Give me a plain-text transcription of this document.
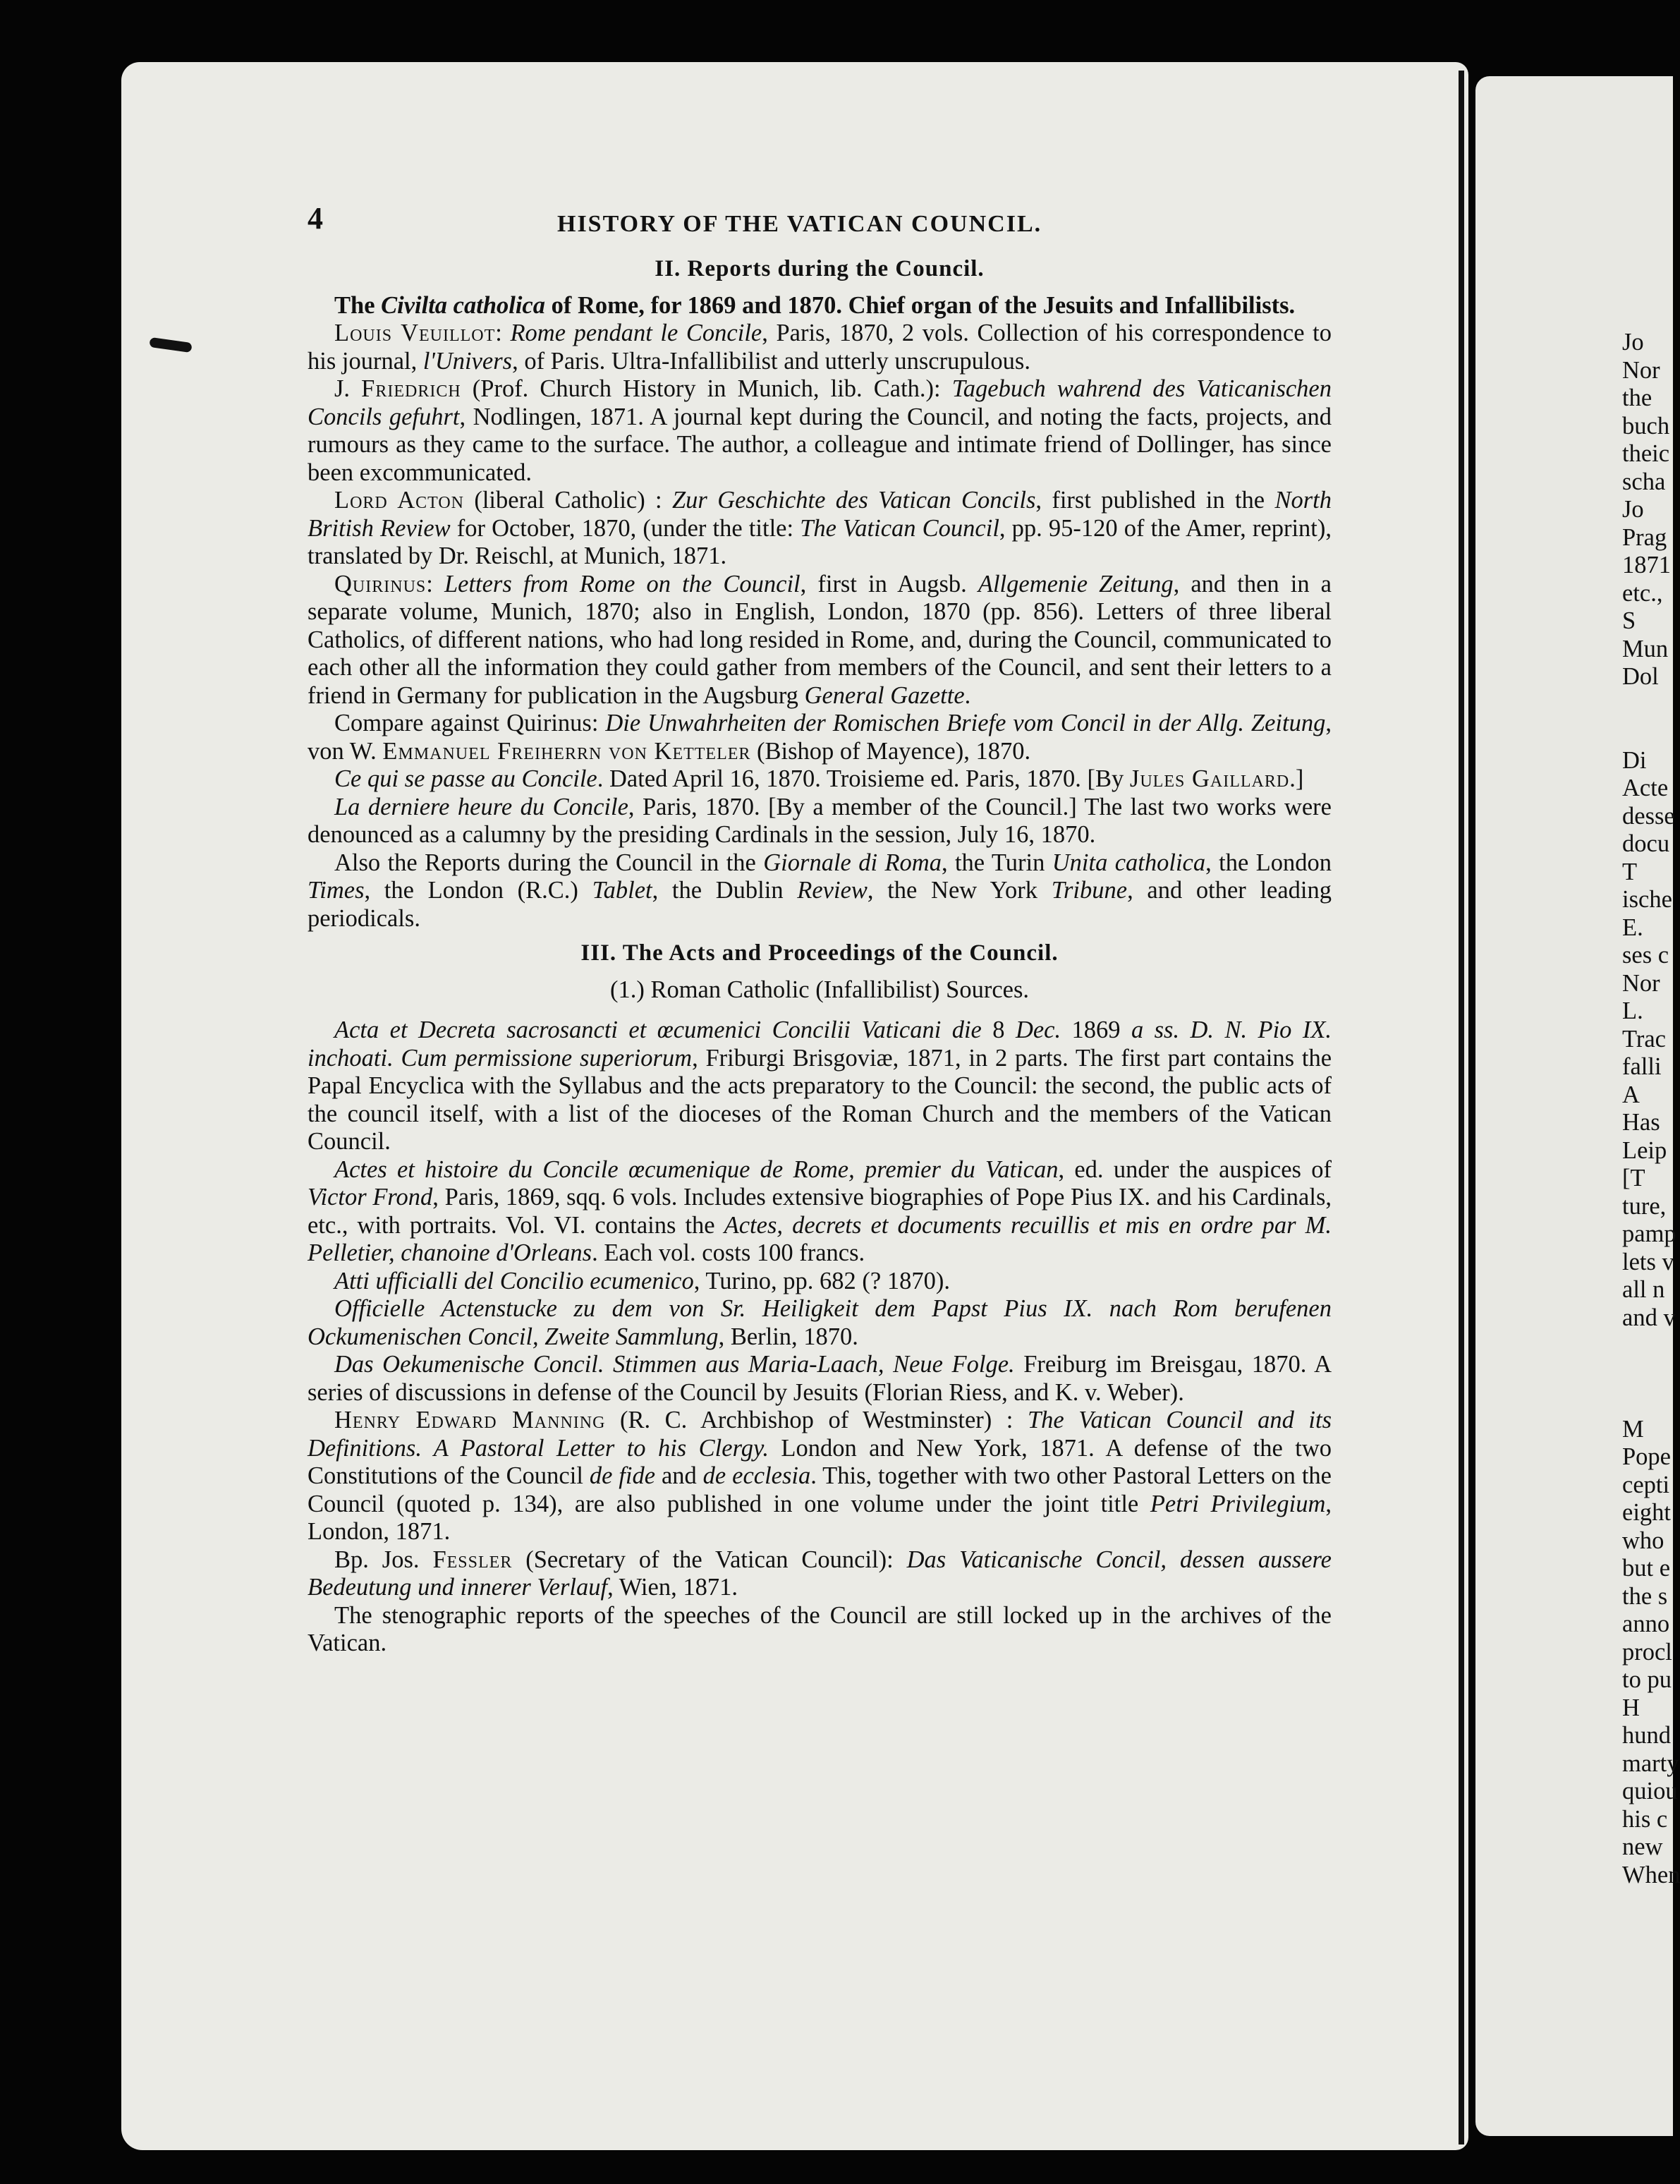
4	HISTORY OF THE VATICAN COUNCIL.
II. Reports during the Council.

The Civilta catholica of Rome, for 1869 and 1870. Chief organ of the Jesuits and Infallibilists.

Louis Veuillot: Rome pendant le Concile, Paris, 1870, 2 vols. Collection of his correspondence to his journal, l'Univers, of Paris. Ultra-Infallibilist and utterly unscrupulous.

J. Friedrich (Prof. Church History in Munich, lib. Cath.): Tagebuch wahrend des Vaticanischen Concils gefuhrt, Nodlingen, 1871. A journal kept during the Council, and noting the facts, projects, and rumours as they came to the surface. The author, a colleague and intimate friend of Dollinger, has since been excommunicated.

Lord Acton (liberal Catholic) : Zur Geschichte des Vatican Concils, first published in the North British Review for October, 1870, (under the title: The Vatican Council, pp. 95-120 of the Amer, reprint), translated by Dr. Reischl, at Munich, 1871.

Quirinus: Letters from Rome on the Council, first in Augsb. Allgemenie Zeitung, and then in a separate volume, Munich, 1870; also in English, London, 1870 (pp. 856). Letters of three liberal Catholics, of different nations, who had long resided in Rome, and, during the Council, communicated to each other all the information they could gather from members of the Council, and sent their letters to a friend in Germany for publication in the Augsburg General Gazette.

Compare against Quirinus: Die Unwahrheiten der Romischen Briefe vom Concil in der Allg. Zeitung, von W. Emmanuel Freiherrn von Ketteler (Bishop of Mayence), 1870.

Ce qui se passe au Concile. Dated April 16, 1870. Troisieme ed. Paris, 1870. [By Jules Gaillard.]

La derniere heure du Concile, Paris, 1870. [By a member of the Council.] The last two works were denounced as a calumny by the presiding Cardinals in the session, July 16, 1870.

Also the Reports during the Council in the Giornale di Roma, the Turin Unita catholica, the London Times, the London (R.C.) Tablet, the Dublin Review, the New York Tribune, and other leading periodicals.

III. The Acts and Proceedings of the Council.
(1.) Roman Catholic (Infallibilist) Sources.

Acta et Decreta sacrosancti et œcumenici Concilii Vaticani die 8 Dec. 1869 a ss. D. N. Pio IX. inchoati. Cum permissione superiorum, Friburgi Brisgoviæ, 1871, in 2 parts. The first part contains the Papal Encyclica with the Syllabus and the acts preparatory to the Council: the second, the public acts of the council itself, with a list of the dioceses of the Roman Church and the members of the Vatican Council.

Actes et histoire du Concile œcumenique de Rome, premier du Vatican, ed. under the auspices of Victor Frond, Paris, 1869, sqq. 6 vols. Includes extensive biographies of Pope Pius IX. and his Cardinals, etc., with portraits. Vol. VI. contains the Actes, decrets et documents recuillis et mis en ordre par M. Pelletier, chanoine d'Orleans. Each vol. costs 100 francs.

Atti ufficialli del Concilio ecumenico, Turino, pp. 682 (? 1870).

Officielle Actenstucke zu dem von Sr. Heiligkeit dem Papst Pius IX. nach Rom berufenen Ockumenischen Concil, Zweite Sammlung, Berlin, 1870.

Das Oekumenische Concil. Stimmen aus Maria-Laach, Neue Folge. Freiburg im Breisgau, 1870. A series of discussions in defense of the Council by Jesuits (Florian Riess, and K. v. Weber).

Henry Edward Manning (R. C. Archbishop of Westminster) : The Vatican Council and its Definitions. A Pastoral Letter to his Clergy. London and New York, 1871. A defense of the two Constitutions of the Council de fide and de ecclesia. This, together with two other Pastoral Letters on the Council (quoted p. 134), are also published in one volume under the joint title Petri Privilegium, London, 1871.

Bp. Jos. Fessler (Secretary of the Vatican Council): Das Vaticanische Concil, dessen aussere Bedeutung und innerer Verlauf, Wien, 1871.

The stenographic reports of the speeches of the Council are still locked up in the archives of the Vatican.

Jo
Nor
the
buch
theic
scha
Jo
Prag
1871
etc.,
S
Mun
Dol
Di
Acte
desse
docu
T
ische
E.
ses c
Nor
L.
Trac
falli
A
Has
Leip
[T
ture,
pamp
lets v
all n
and v
M
Pope
cepti
eight
who
but e
the s
anno
procl
to pu
H
hund
marty
quiou
his c
new
When
